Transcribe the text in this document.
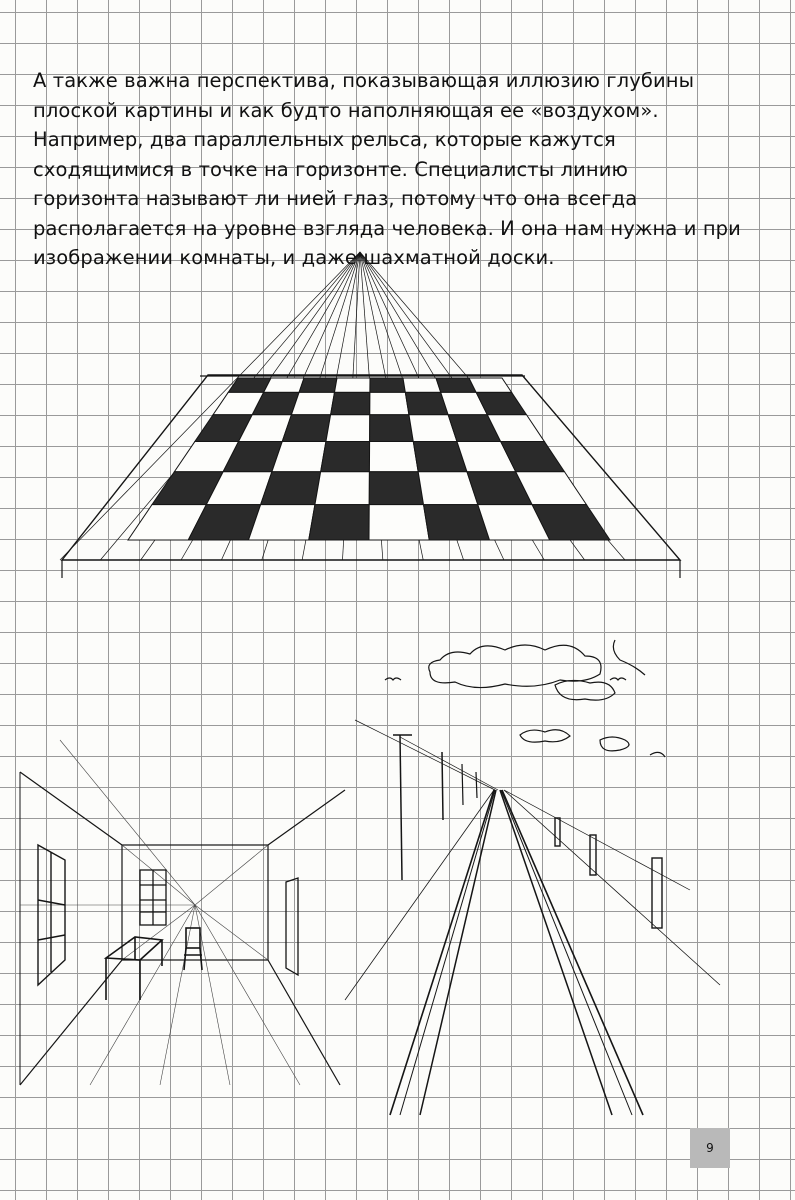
А также важна перспектива, показывающая иллюзию глубины
плоской картины и как будто наполняющая ее «воздухом».
Например, два параллельных рельса, которые кажутся
сходящимися в точке на горизонте. Специалисты линию
горизонта называют ли нией глаз, потому что она всегда
располагается на уровне взгляда человека. И она нам нужна и при
изображении комнаты, и даже шахматной доски.
9
